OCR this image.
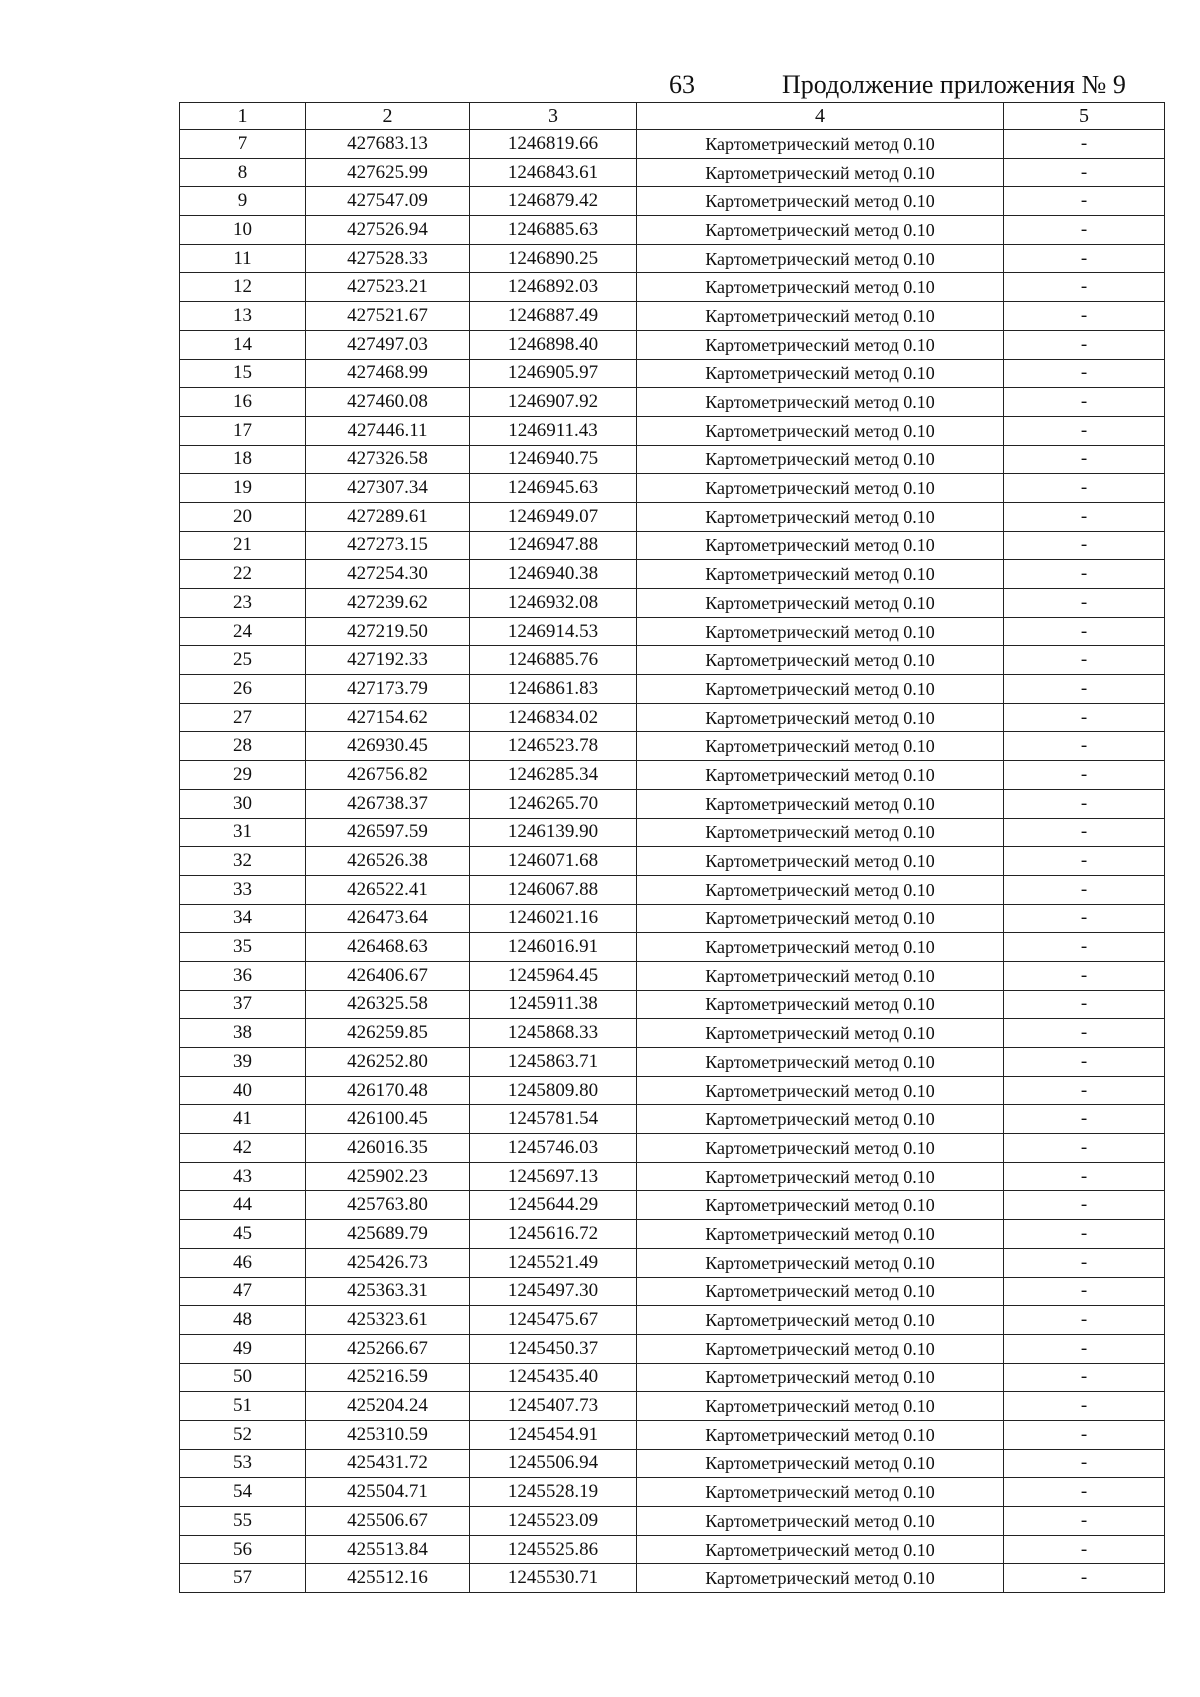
63	Продолжение приложения № 9
1	2	3	4	5
7	427683.13	1246819.66	Картометрический метод 0.10	-
8	427625.99	1246843.61	Картометрический метод 0.10	-
9	427547.09	1246879.42	Картометрический метод 0.10	-
10	427526.94	1246885.63	Картометрический метод 0.10	-
11	427528.33	1246890.25	Картометрический метод 0.10	-
12	427523.21	1246892.03	Картометрический метод 0.10	-
13	427521.67	1246887.49	Картометрический метод 0.10	-
14	427497.03	1246898.40	Картометрический метод 0.10	-
15	427468.99	1246905.97	Картометрический метод 0.10	-
16	427460.08	1246907.92	Картометрический метод 0.10	-
17	427446.11	1246911.43	Картометрический метод 0.10	-
18	427326.58	1246940.75	Картометрический метод 0.10	-
19	427307.34	1246945.63	Картометрический метод 0.10	-
20	427289.61	1246949.07	Картометрический метод 0.10	-
21	427273.15	1246947.88	Картометрический метод 0.10	-
22	427254.30	1246940.38	Картометрический метод 0.10	-
23	427239.62	1246932.08	Картометрический метод 0.10	-
24	427219.50	1246914.53	Картометрический метод 0.10	-
25	427192.33	1246885.76	Картометрический метод 0.10	-
26	427173.79	1246861.83	Картометрический метод 0.10	-
27	427154.62	1246834.02	Картометрический метод 0.10	-
28	426930.45	1246523.78	Картометрический метод 0.10	-
29	426756.82	1246285.34	Картометрический метод 0.10	-
30	426738.37	1246265.70	Картометрический метод 0.10	-
31	426597.59	1246139.90	Картометрический метод 0.10	-
32	426526.38	1246071.68	Картометрический метод 0.10	-
33	426522.41	1246067.88	Картометрический метод 0.10	-
34	426473.64	1246021.16	Картометрический метод 0.10	-
35	426468.63	1246016.91	Картометрический метод 0.10	-
36	426406.67	1245964.45	Картометрический метод 0.10	-
37	426325.58	1245911.38	Картометрический метод 0.10	-
38	426259.85	1245868.33	Картометрический метод 0.10	-
39	426252.80	1245863.71	Картометрический метод 0.10	-
40	426170.48	1245809.80	Картометрический метод 0.10	-
41	426100.45	1245781.54	Картометрический метод 0.10	-
42	426016.35	1245746.03	Картометрический метод 0.10	-
43	425902.23	1245697.13	Картометрический метод 0.10	-
44	425763.80	1245644.29	Картометрический метод 0.10	-
45	425689.79	1245616.72	Картометрический метод 0.10	-
46	425426.73	1245521.49	Картометрический метод 0.10	-
47	425363.31	1245497.30	Картометрический метод 0.10	-
48	425323.61	1245475.67	Картометрический метод 0.10	-
49	425266.67	1245450.37	Картометрический метод 0.10	-
50	425216.59	1245435.40	Картометрический метод 0.10	-
51	425204.24	1245407.73	Картометрический метод 0.10	-
52	425310.59	1245454.91	Картометрический метод 0.10	-
53	425431.72	1245506.94	Картометрический метод 0.10	-
54	425504.71	1245528.19	Картометрический метод 0.10	-
55	425506.67	1245523.09	Картометрический метод 0.10	-
56	425513.84	1245525.86	Картометрический метод 0.10	-
57	425512.16	1245530.71	Картометрический метод 0.10	-
